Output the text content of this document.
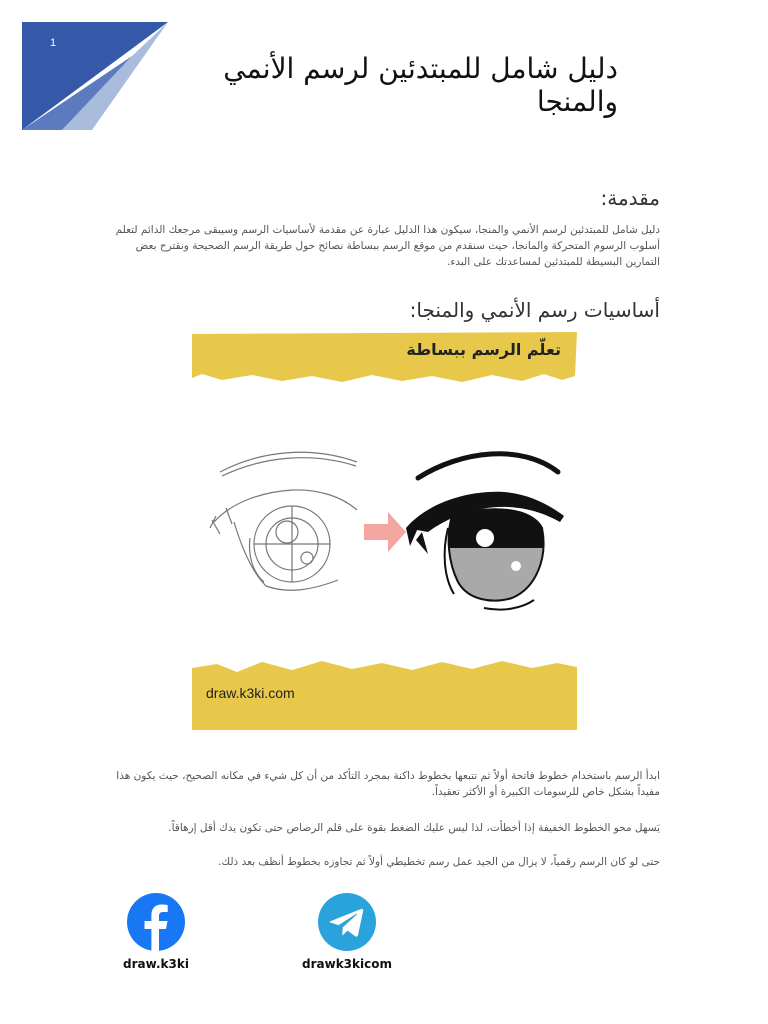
1
دليل شامل للمبتدئين لرسم الأنمي والمنجا
مقدمة:
دليل شامل للمبتدئين لرسم الأنمي والمنجا، سيكون هذا الدليل عبارة عن مقدمة لأساسيات الرسم وسيبقى مرجعك الدائم لتعلم أسلوب الرسوم المتحركة والمانجا، حيث سنقدم من موقع الرسم ببساطة نصائح حول طريقة الرسم الصحيحة ونقترح بعض التمارين البسيطة للمبتدئين لمساعدتك على البدء.
أساسيات رسم الأنمي والمنجا:
تعلّم الرسم ببساطة
draw.k3ki.com
ابدأ الرسم باستخدام خطوط فاتحة أولاً ثم تتبعها بخطوط داكنة بمجرد التأكد من أن كل شيء في مكانه الصحيح، حيث يكون هذا مفيداً بشكل خاص للرسومات الكبيرة أو الأكثر تعقيداً.
يَسهل محو الخطوط الخفيفة إذا أخطأت، لذا ليس عليك الضغط بقوة على قلم الرصاص حتى تكون يدك أقل إرهاقاً.
حتى لو كان الرسم رقمياً، لا يزال من الجيد عمل رسم تخطيطي أولاً ثم تجاوزه بخطوط أنظف بعد ذلك.
draw.k3ki	drawk3kicom
